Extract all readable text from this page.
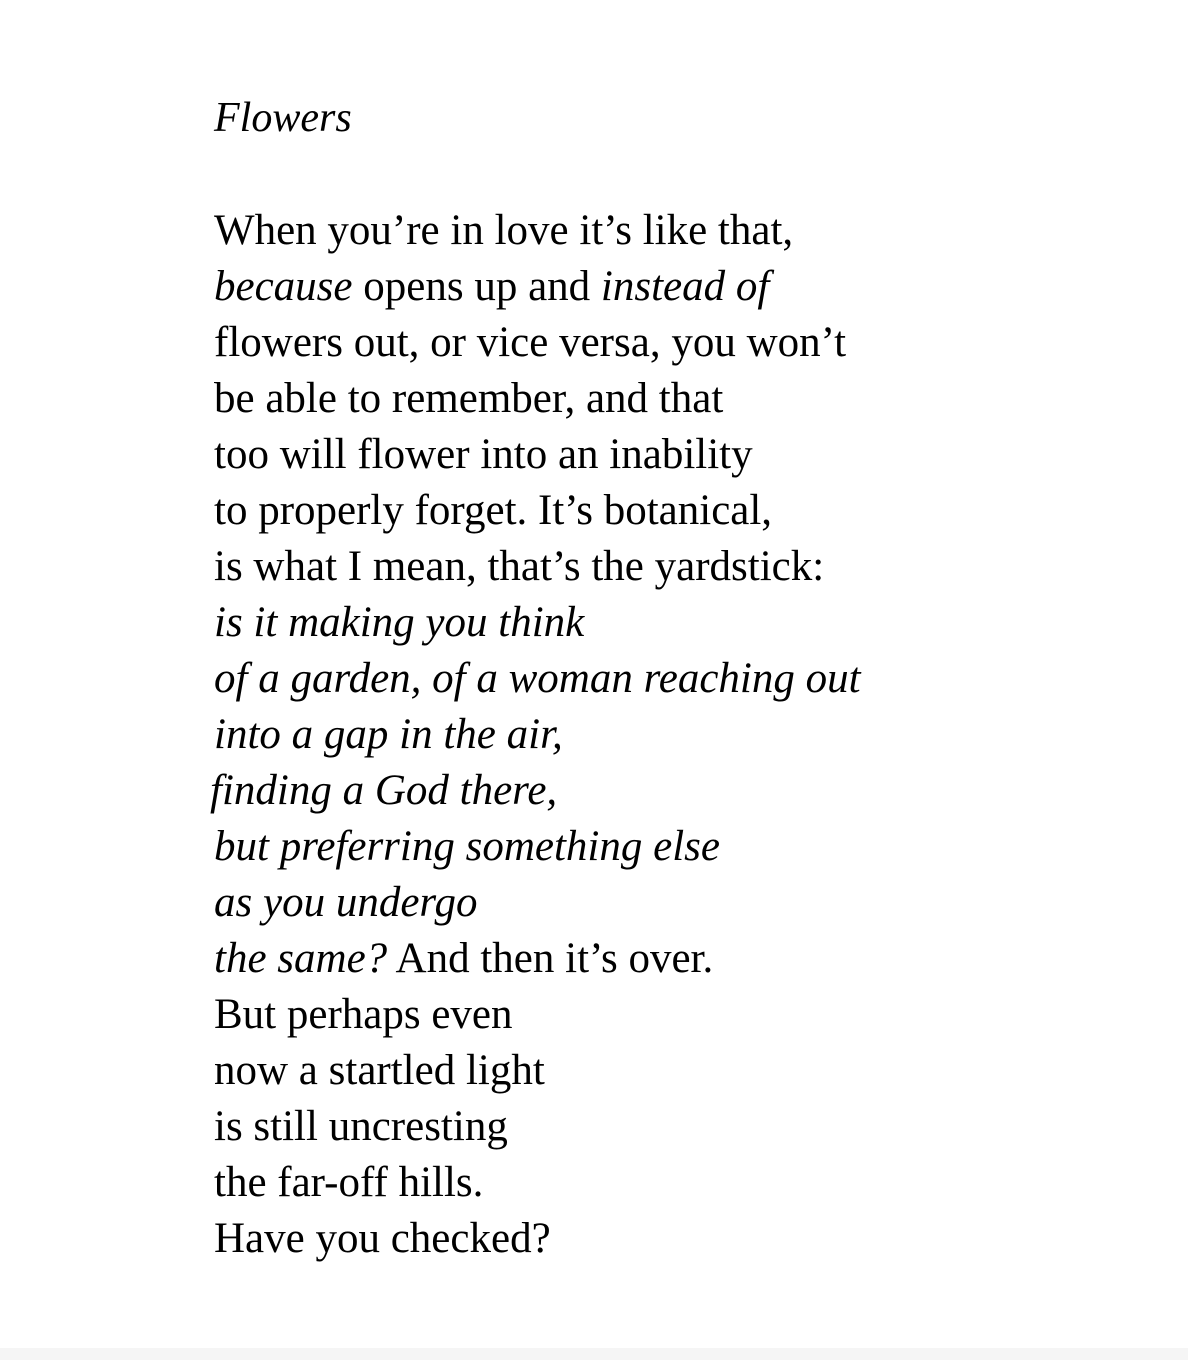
Flowers
When you’re in love it’s like that,
because opens up and instead of
flowers out, or vice versa, you won’t
be able to remember, and that
too will flower into an inability
to properly forget. It’s botanical,
is what I mean, that’s the yardstick:
is it making you think
of a garden, of a woman reaching out
into a gap in the air,
finding a God there,
but preferring something else
as you undergo
the same? And then it’s over.
But perhaps even
now a startled light
is still uncresting
the far-off hills.
Have you checked?
